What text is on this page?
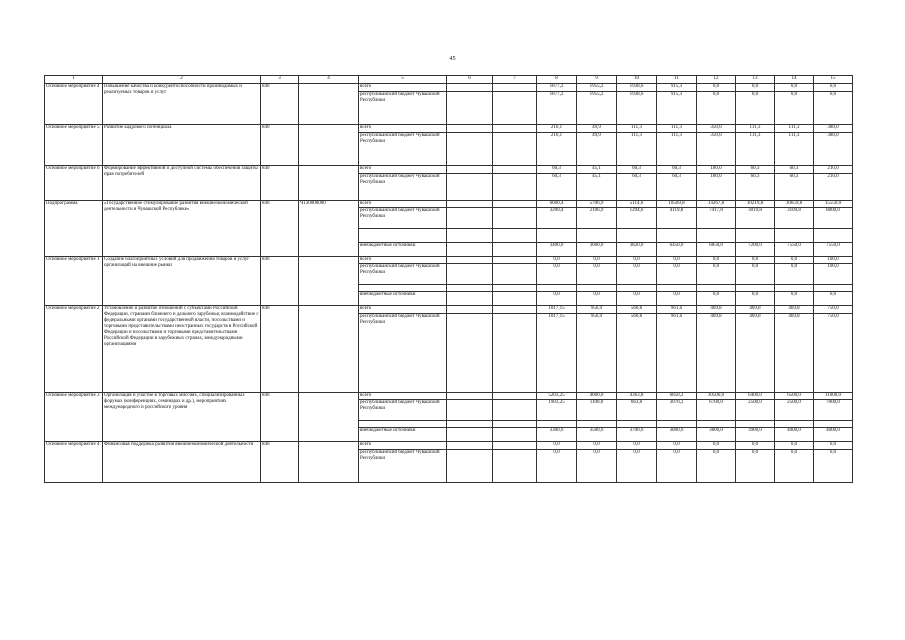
45
1	2	3	4	5	6	7	8	9	10	11	12	13	14	15
Основное мероприятие 4	Повышение качества и конкурентоспособности производимых и реализуемых товаров и услуг	840		всего			1877,2	1955,2	1938,6	915,3	0,0	0,0	0,0	0,0
				республиканский бюджет Чувашской Республики			1877,2	1955,2	1938,6	915,3	0,0	0,0	0,0	0,0
Основное мероприятие 5	Развитие кадрового потенциала	840		всего			216,1	49,9	111,3	111,3	350,0	111,3	111,3	380,0
				республиканский бюджет Чувашской Республики			216,1	49,9	111,3	111,3	350,0	111,3	111,3	380,0
Основное мероприятие 6	Формирование эффективной и доступной системы обеспечения защиты прав потребителей	840		всего			60,3	45,1	60,3	60,3	180,0	60,3	60,3	210,0
				республиканский бюджет Чувашской Республики			60,3	45,1	60,3	60,3	180,0	60,3	60,3	210,0
Подпрограмма	«Государственное стимулирование развития внешнеэкономической деятельности в Чувашской Республике»	840	Ч130000000	всего			6600,4	5706,9	5114,6	10569,8	14267,8	10219,8	10659,8	15550,0
				республиканский бюджет Чувашской Республики			3200,4	2106,9	1294,6	4119,8	7417,8	3019,8	3109,8	8000,0

				внебюджетные источники			3400,0	3600,0	3820,0	6450,0	6850,0	7200,0	7550,0	7550,0
Основное мероприятие 1	Создание благоприятных условий для продвижения товаров и услуг организаций на внешние рынки	840		всего			0,0	0,0	0,0	0,0	0,0	0,0	0,0	100,0
				республиканский бюджет Чувашской Республики			0,0	0,0	0,0	0,0	0,0	0,0	0,0	100,0

				внебюджетные источники			0,0	0,0	0,0	0,0	0,0	0,0	0,0	0,0
Основное мероприятие 2	Установление и развитие отношений с субъектами Российской Федерации, странами ближнего и дальнего зарубежья, взаимодействие с федеральными органами государственной власти, посольствами и торговыми представительствами иностранных государств в Российской Федерации и посольствами и торговыми представительствами Российской Федерации в зарубежных странах, международными организациями	840		всего			1017,15	956,9	560,8	961,6	469,8	469,8	469,8	750,0
				республиканский бюджет Чувашской Республики			1017,15	956,9	560,8	961,6	469,8	469,8	469,8	750,0
Основное мероприятие 3	Организация и участие в торговых миссиях, специализированных форумах (конференциях, семинарах и др.), мероприятиях международного и российского уровня	840		всего			5203,25	4600,0	4363,8	6850,2	10500,0	6400,0	6500,0	11000,0
				республиканский бюджет Чувашской Республики			1903,25	1100,0	663,8	3070,2	6700,0	2500,0	2500,0	7000,0

				внебюджетные источники			3300,0	3500,0	3700,0	3800,0	3800,0	3900,0	4000,0	4000,0
Основное мероприятие 4	Финансовая поддержка развития внешнеэкономической деятельности	840		всего			0,0	0,0	0,0	0,0	0,0	0,0	0,0	0,0
				республиканский бюджет Чувашской Республики			0,0	0,0	0,0	0,0	0,0	0,0	0,0	0,0
